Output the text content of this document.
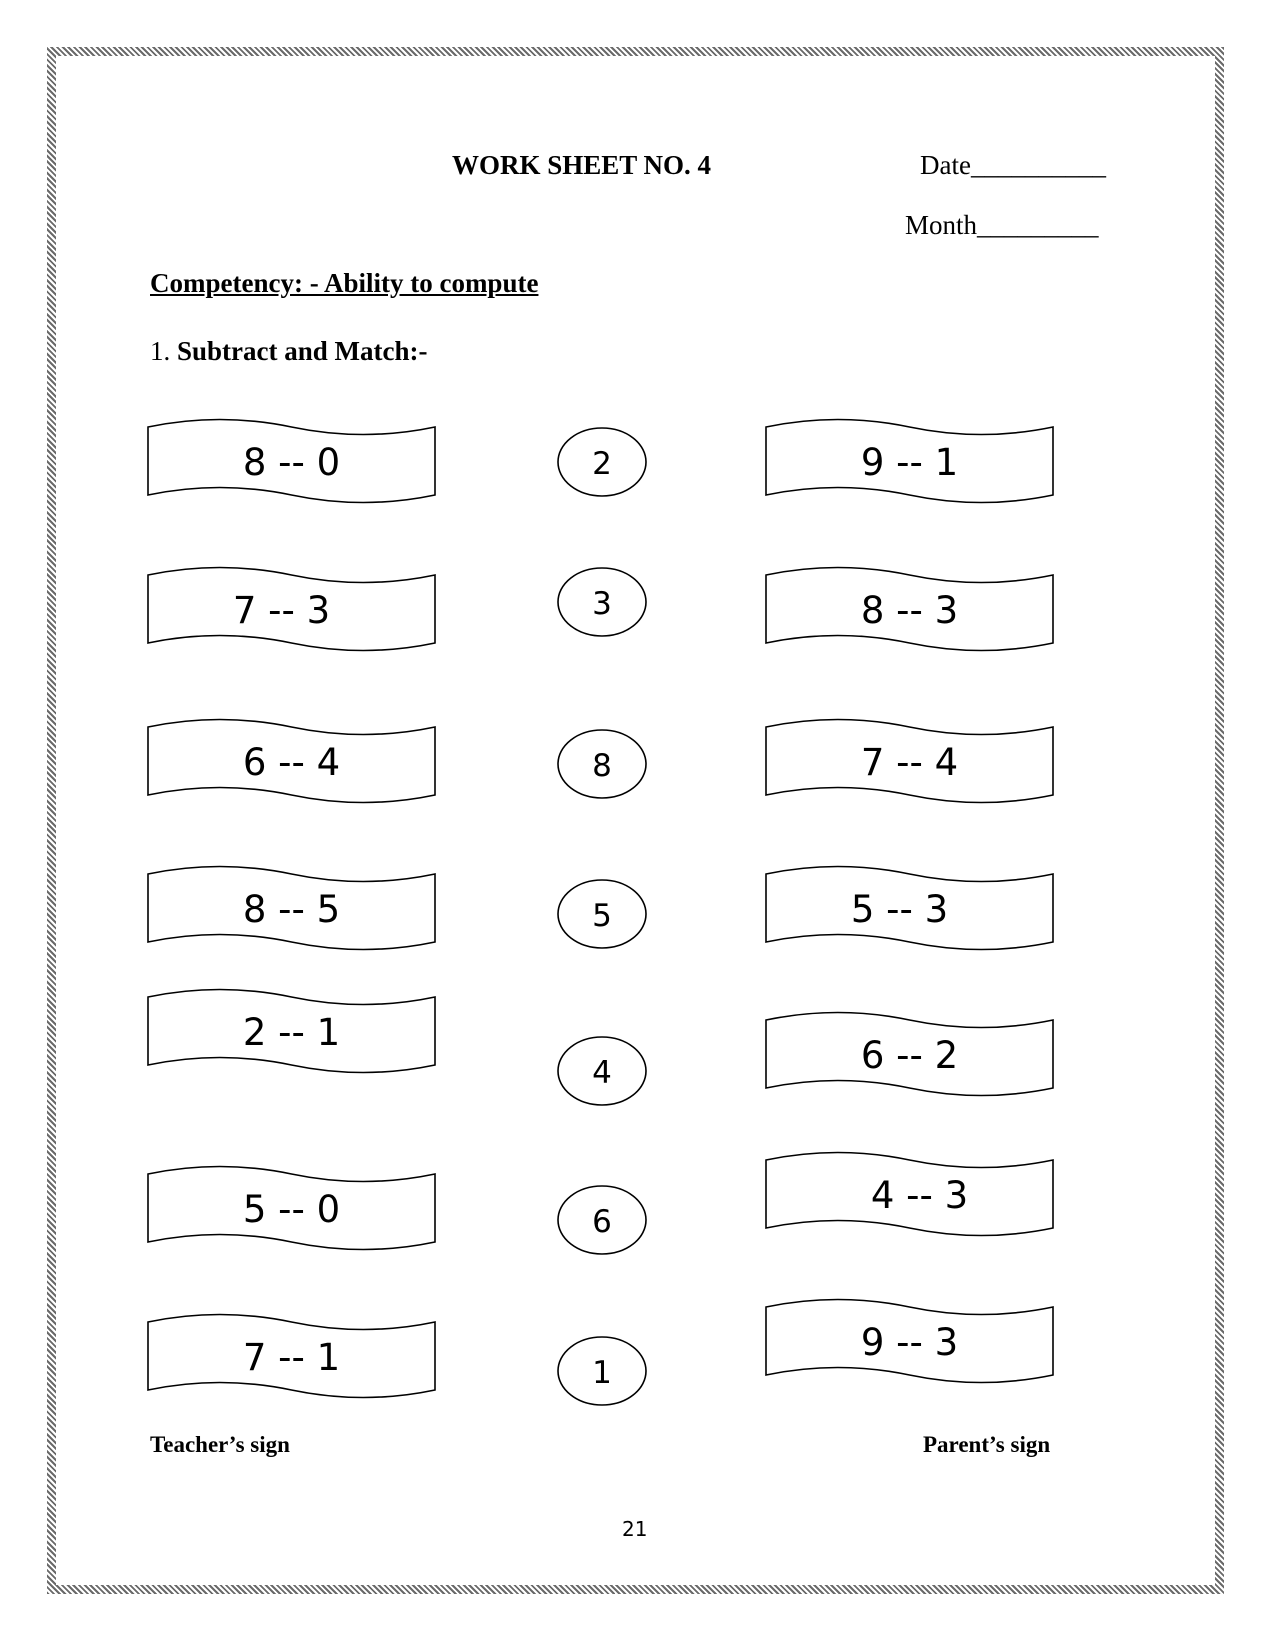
WORK SHEET NO. 4	Date__________
Month_________
Competency: - Ability to compute
1. Subtract and Match:-
8 -- 0
7 -- 3
6 -- 4
8 -- 5
2 -- 1
5 -- 0
7 -- 1
2
3
8
5
4
6
1
9 -- 1
8 -- 3
7 -- 4
5 -- 3
6 -- 2
4 -- 3
9 -- 3
Teacher’s sign	Parent’s sign
21
